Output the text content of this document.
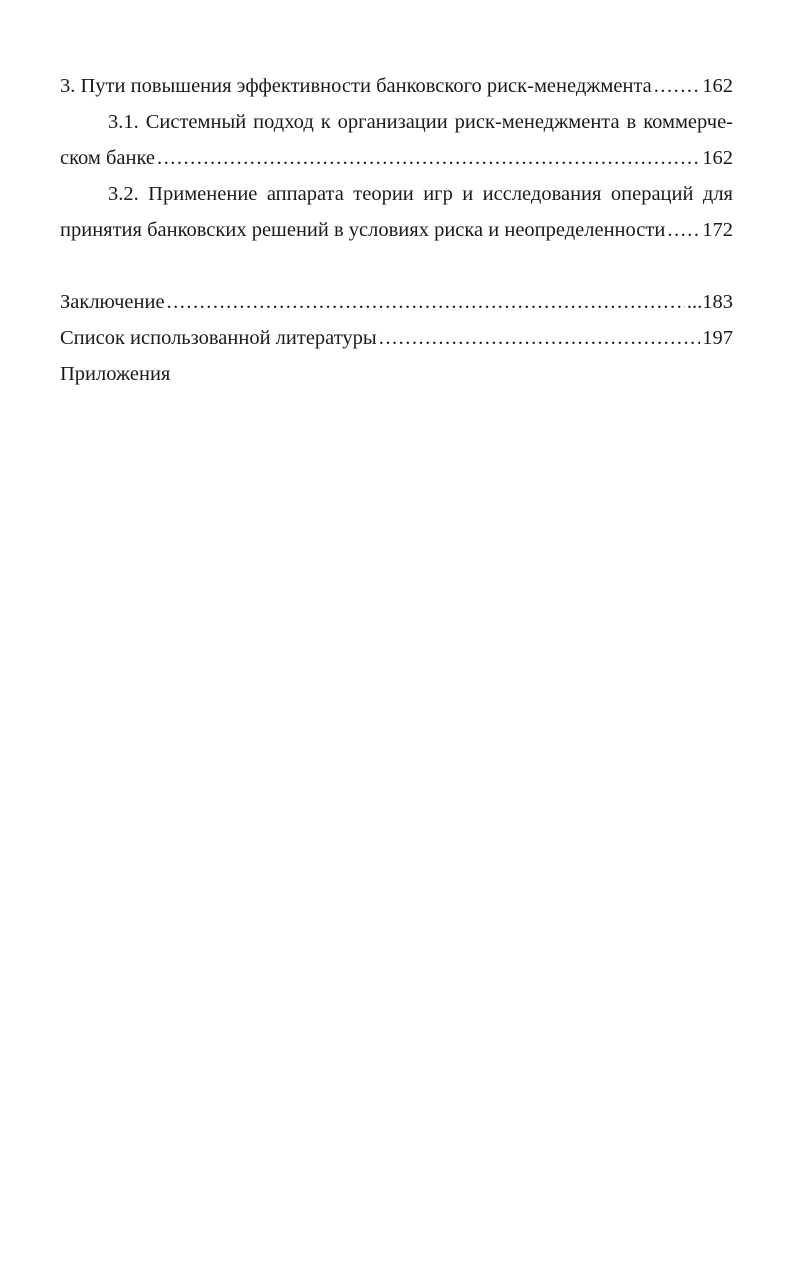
3. Пути повышения эффективности банковского риск-менеджмента ..... 162
3.1. Системный подход к организации риск-менеджмента в коммерче-
ском банке .....	162
3.2. Применение аппарата теории игр и исследования операций для
принятия банковских решений в условиях риска и неопределенности ..... 172
Заключение .....	...183
Список использованной литературы .....	197
Приложения
